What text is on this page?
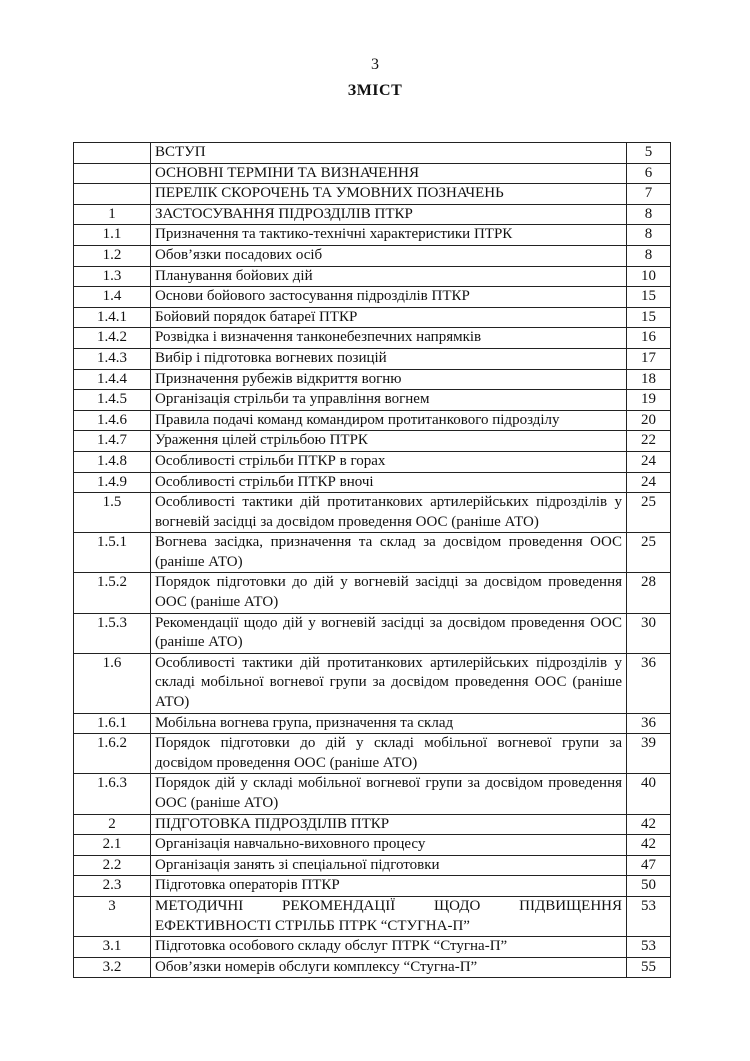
3
ЗМІСТ
	ВСТУП	5
	ОСНОВНІ ТЕРМІНИ ТА ВИЗНАЧЕННЯ	6
	ПЕРЕЛІК СКОРОЧЕНЬ ТА УМОВНИХ ПОЗНАЧЕНЬ	7
1	ЗАСТОСУВАННЯ ПІДРОЗДІЛІВ ПТКР	8
1.1	Призначення та тактико-технічні характеристики ПТРК	8
1.2	Обов’язки посадових осіб	8
1.3	Планування бойових дій	10
1.4	Основи бойового застосування підрозділів ПТКР	15
1.4.1	Бойовий порядок батареї ПТКР	15
1.4.2	Розвідка і визначення танконебезпечних напрямків	16
1.4.3	Вибір і підготовка вогневих позицій	17
1.4.4	Призначення рубежів відкриття вогню	18
1.4.5	Організація стрільби та управління вогнем	19
1.4.6	Правила подачі команд командиром протитанкового підрозділу	20
1.4.7	Ураження цілей стрільбою ПТРК	22
1.4.8	Особливості стрільби ПТКР в горах	24
1.4.9	Особливості стрільби ПТКР вночі	24
1.5	Особливості тактики дій протитанкових артилерійських підрозділів у вогневій засідці за досвідом проведення ООС (раніше АТО)	25
1.5.1	Вогнева засідка, призначення та склад за досвідом проведення ООС (раніше АТО)	25
1.5.2	Порядок підготовки до дій у вогневій засідці за досвідом проведення ООС (раніше АТО)	28
1.5.3	Рекомендації щодо дій у вогневій засідці за досвідом проведення ООС (раніше АТО)	30
1.6	Особливості тактики дій протитанкових артилерійських підрозділів у складі мобільної вогневої групи за досвідом проведення ООС (раніше АТО)	36
1.6.1	Мобільна вогнева група, призначення та склад	36
1.6.2	Порядок підготовки до дій у складі мобільної вогневої групи за досвідом проведення ООС (раніше АТО)	39
1.6.3	Порядок дій у складі мобільної вогневої групи за досвідом проведення ООС (раніше АТО)	40
2	ПІДГОТОВКА ПІДРОЗДІЛІВ ПТКР	42
2.1	Організація навчально-виховного процесу	42
2.2	Організація занять зі спеціальної підготовки	47
2.3	Підготовка операторів ПТКР	50
3	МЕТОДИЧНІ РЕКОМЕНДАЦІЇ ЩОДО ПІДВИЩЕННЯ ЕФЕКТИВНОСТІ СТРІЛЬБ ПТРК “СТУГНА-П”	53
3.1	Підготовка особового складу обслуг ПТРК “Стугна-П”	53
3.2	Обов’язки номерів обслуги комплексу “Стугна-П”	55
